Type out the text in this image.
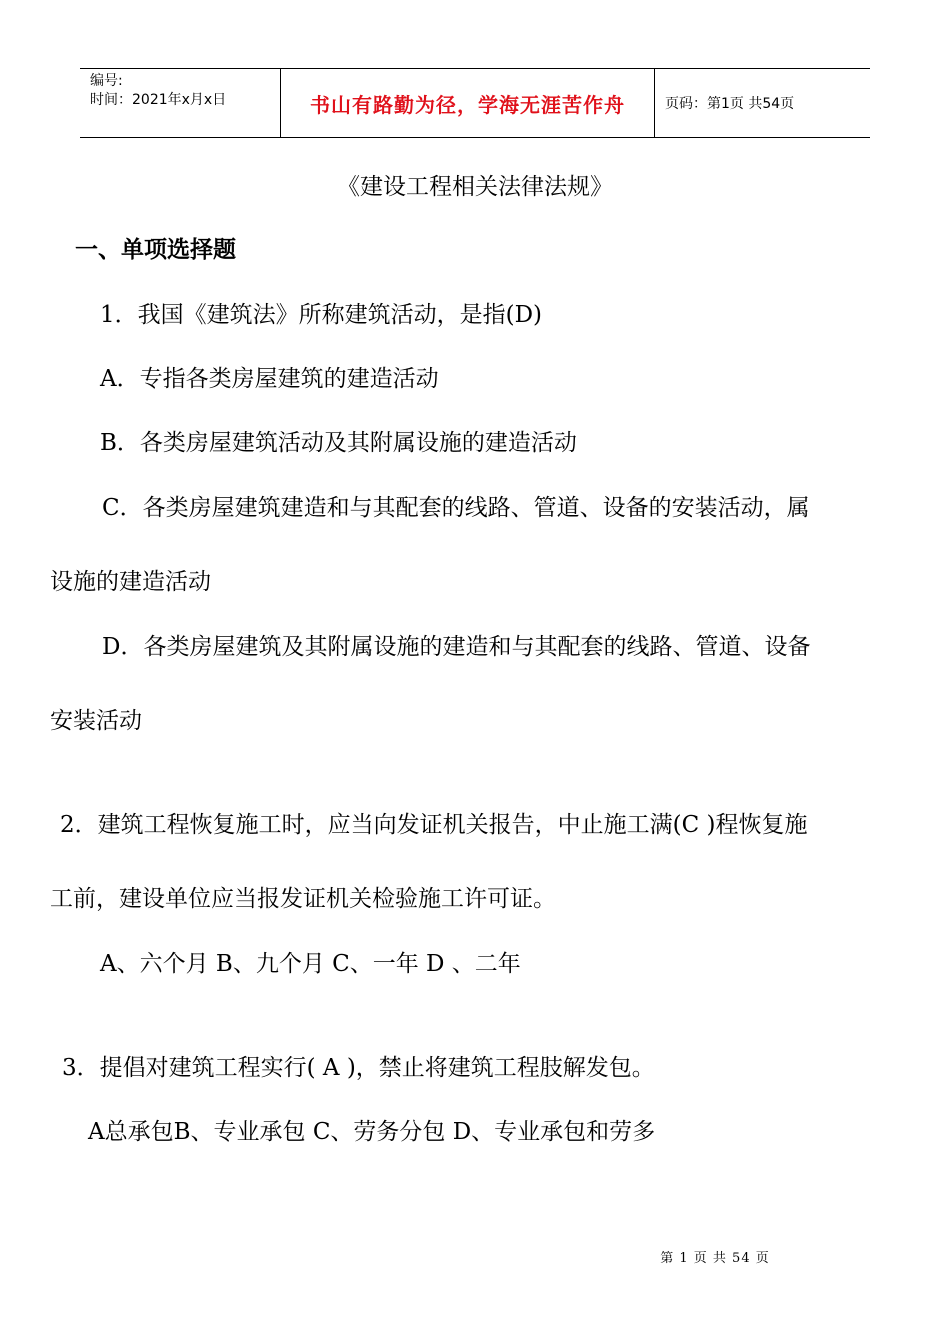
编号:
时间：2021年x月x日	书山有路勤为径，学海无涯苦作舟	页码：第1页 共54页
《建设工程相关法律法规》
一、单项选择题
1．我国《建筑法》所称建筑活动，是指(D)
A．专指各类房屋建筑的建造活动
B．各类房屋建筑活动及其附属设施的建造活动
C．各类房屋建筑建造和与其配套的线路、管道、设备的安装活动，属
设施的建造活动
D．各类房屋建筑及其附属设施的建造和与其配套的线路、管道、设备
安装活动
2．建筑工程恢复施工时，应当向发证机关报告，中止施工满(C )程恢复施
工前，建设单位应当报发证机关检验施工许可证。
A、六个月 B、九个月 C、一年 D 、二年
3．提倡对建筑工程实行( A )，禁止将建筑工程肢解发包。
A总承包B、专业承包 C、劳务分包 D、专业承包和劳多
第 1 页 共 54 页
